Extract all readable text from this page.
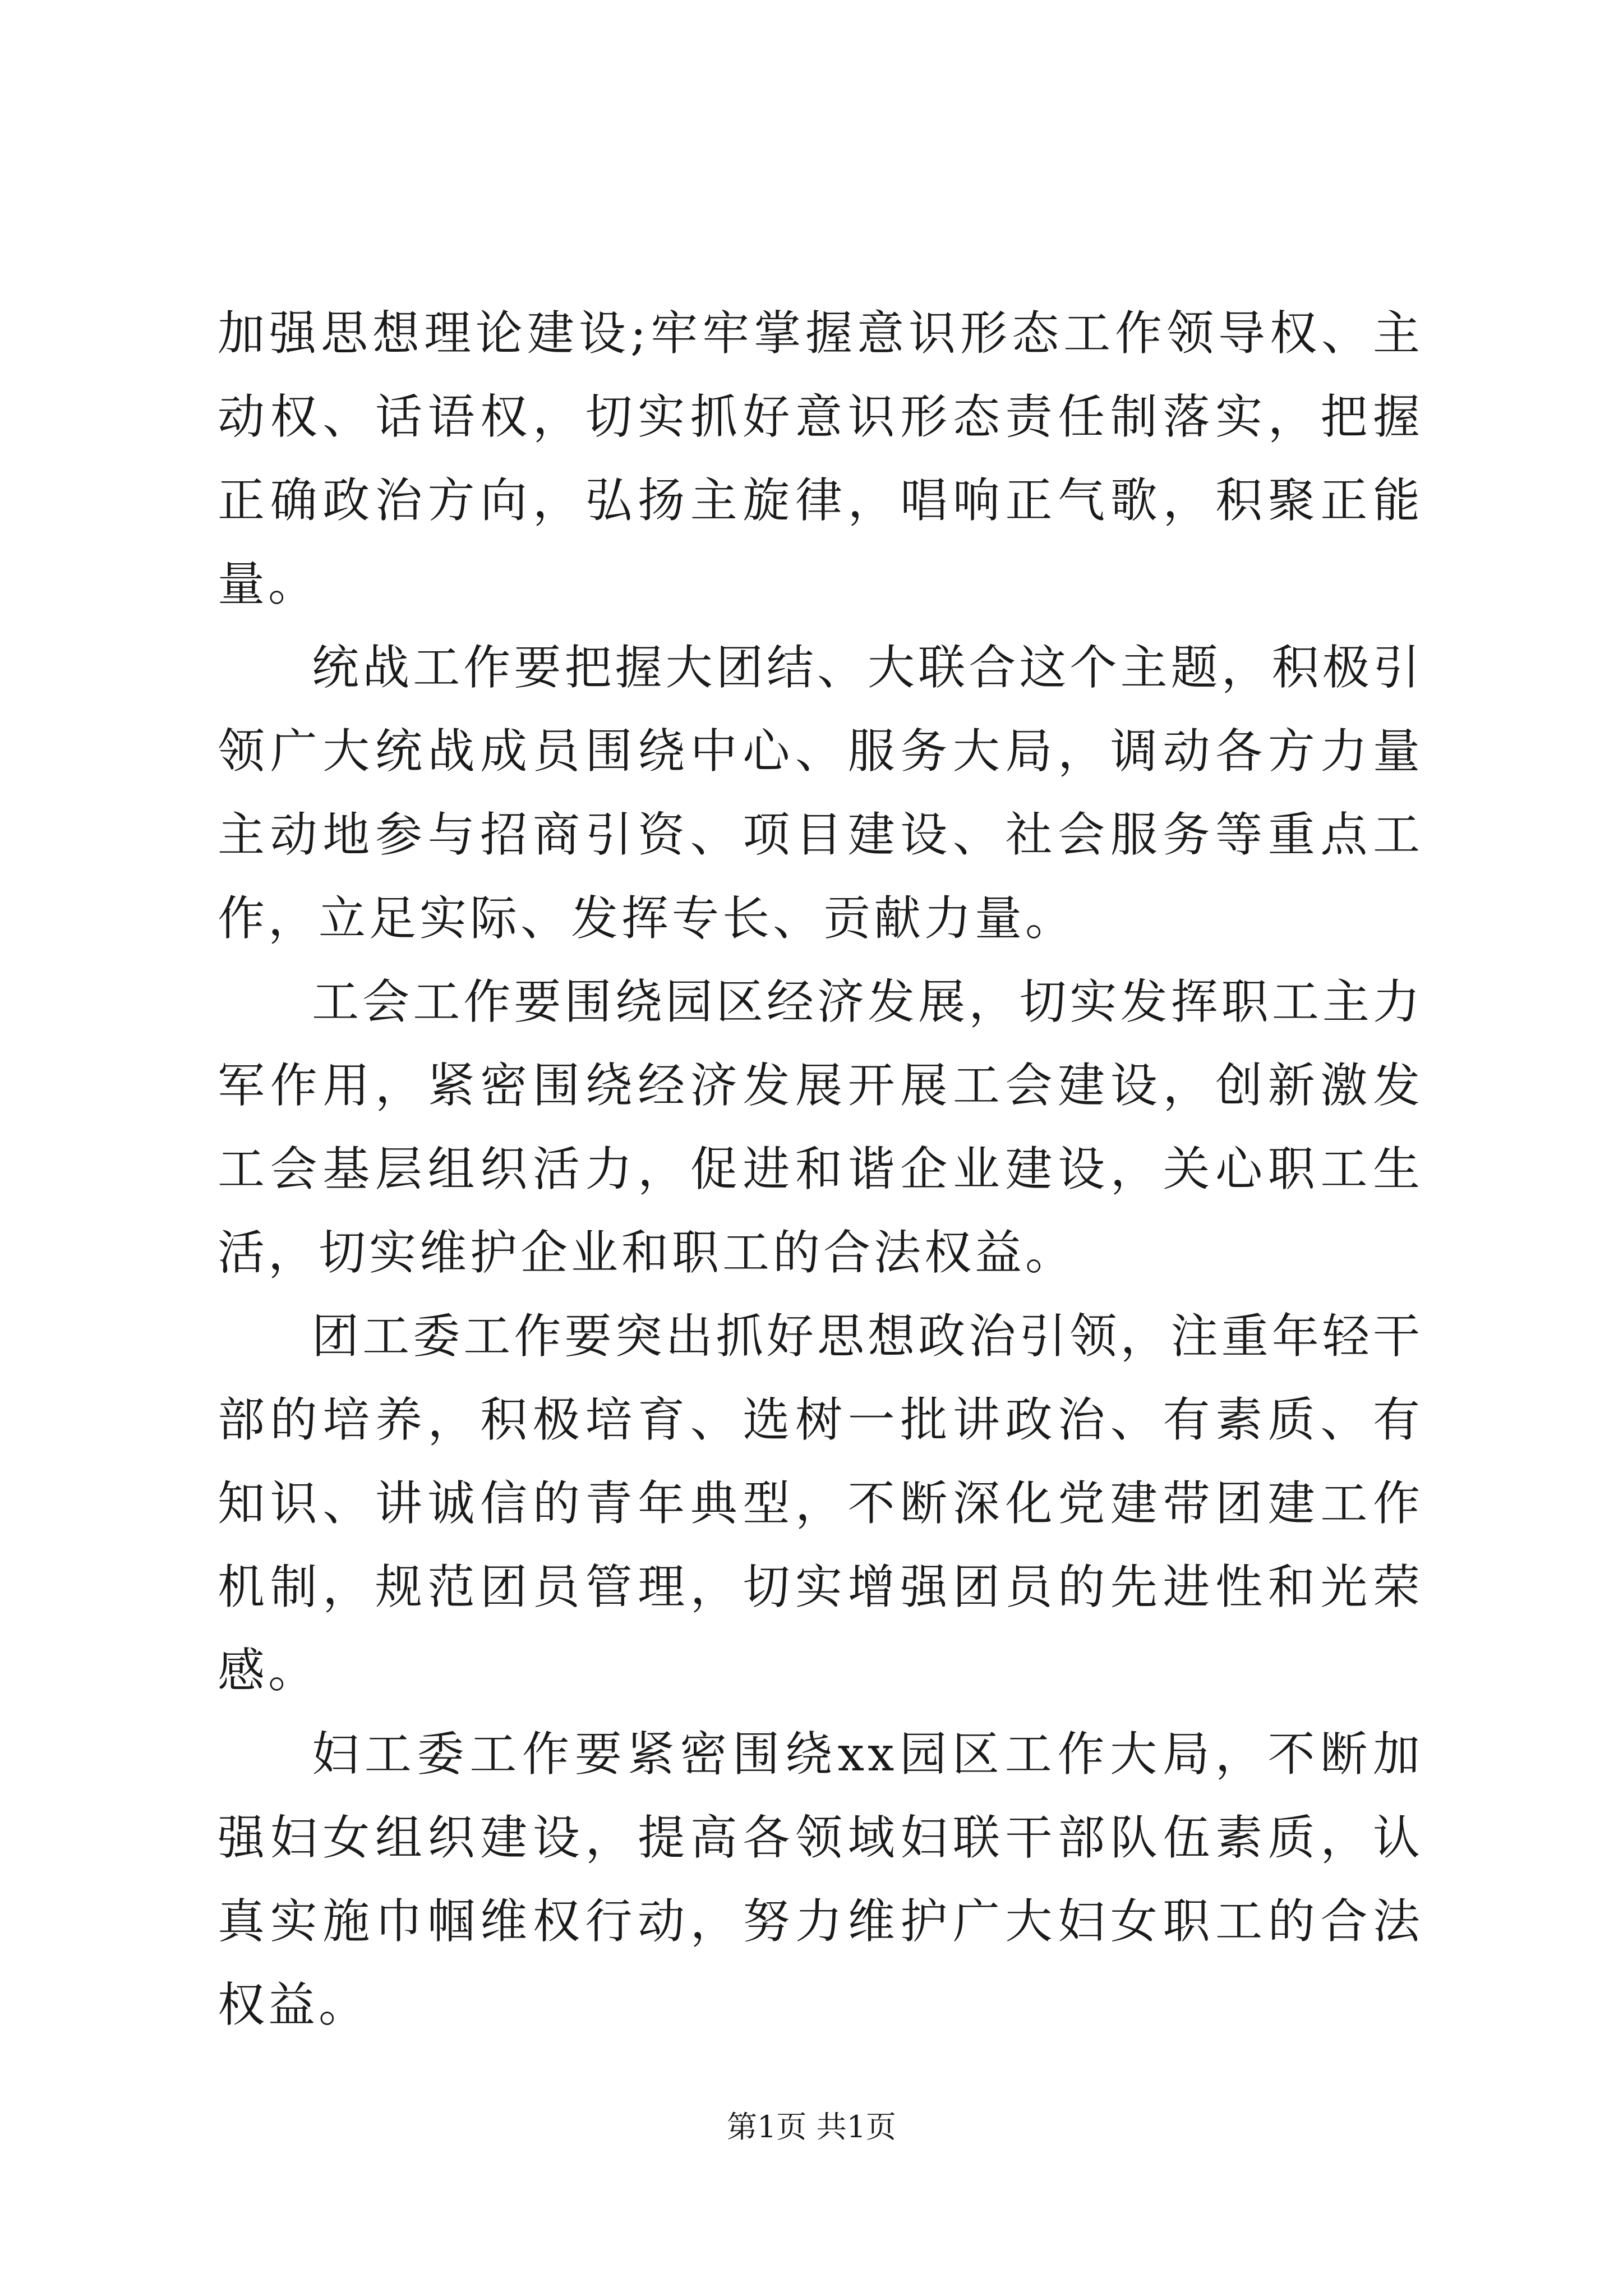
加强思想理论建设;牢牢掌握意识形态工作领导权、主动权、话语权，切实抓好意识形态责任制落实，把握正确政治方向，弘扬主旋律，唱响正气歌，积聚正能量。

统战工作要把握大团结、大联合这个主题，积极引领广大统战成员围绕中心、服务大局，调动各方力量主动地参与招商引资、项目建设、社会服务等重点工作，立足实际、发挥专长、贡献力量。

工会工作要围绕园区经济发展，切实发挥职工主力军作用，紧密围绕经济发展开展工会建设，创新激发工会基层组织活力，促进和谐企业建设，关心职工生活，切实维护企业和职工的合法权益。

团工委工作要突出抓好思想政治引领，注重年轻干部的培养，积极培育、选树一批讲政治、有素质、有知识、讲诚信的青年典型，不断深化党建带团建工作机制，规范团员管理，切实增强团员的先进性和光荣感。

妇工委工作要紧密围绕xx园区工作大局，不断加强妇女组织建设，提高各领域妇联干部队伍素质，认真实施巾帼维权行动，努力维护广大妇女职工的合法权益。

第1页 共1页
